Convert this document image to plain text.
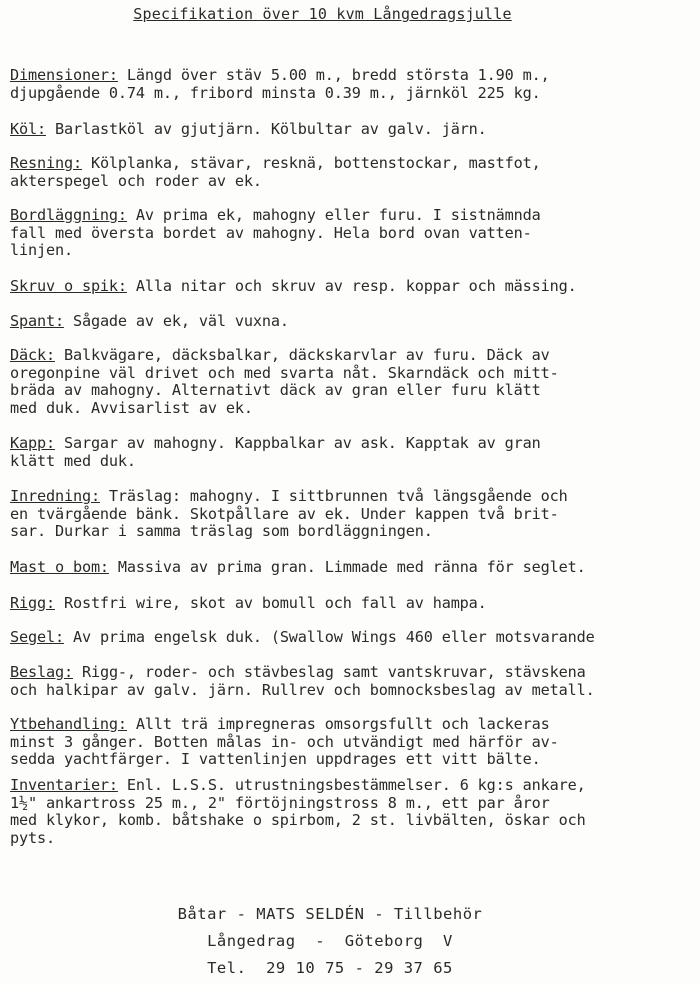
Specifikation över 10 kvm Långedragsjulle
Dimensioner: Längd över stäv 5.00 m., bredd största 1.90 m.,
djupgående 0.74 m., fribord minsta 0.39 m., järnköl 225 kg.
Köl: Barlastköl av gjutjärn. Kölbultar av galv. järn.
Resning: Kölplanka, stävar, resknä, bottenstockar, mastfot,
akterspegel och roder av ek.
Bordläggning: Av prima ek, mahogny eller furu. I sistnämnda
fall med översta bordet av mahogny. Hela bord ovan vatten-
linjen.
Skruv o spik: Alla nitar och skruv av resp. koppar och mässing.
Spant: Sågade av ek, väl vuxna.
Däck: Balkvägare, däcksbalkar, däckskarvlar av furu. Däck av
oregonpine väl drivet och med svarta nåt. Skarndäck och mitt-
bräda av mahogny. Alternativt däck av gran eller furu klätt
med duk. Avvisarlist av ek.
Kapp: Sargar av mahogny. Kappbalkar av ask. Kapptak av gran
klätt med duk.
Inredning: Träslag: mahogny. I sittbrunnen två längsgående och
en tvärgående bänk. Skotpållare av ek. Under kappen två brit-
sar. Durkar i samma träslag som bordläggningen.
Mast o bom: Massiva av prima gran. Limmade med ränna för seglet.
Rigg: Rostfri wire, skot av bomull och fall av hampa.
Segel: Av prima engelsk duk. (Swallow Wings 460 eller motsvarande
Beslag: Rigg-, roder- och stävbeslag samt vantskruvar, stävskena
och halkipar av galv. järn. Rullrev och bomnocksbeslag av metall.
Ytbehandling: Allt trä impregneras omsorgsfullt och lackeras
minst 3 gånger. Botten målas in- och utvändigt med härför av-
sedda yachtfärger. I vattenlinjen uppdrages ett vitt bälte.
Inventarier: Enl. L.S.S. utrustningsbestämmelser. 6 kg:s ankare,
1½" ankartross 25 m., 2" förtöjningstross 8 m., ett par åror
med klykor, komb. båtshake o spirbom, 2 st. livbälten, öskar och
pyts.
Båtar - MATS SELDÉN - Tillbehör
Långedrag  -  Göteborg  V
Tel.  29 10 75 - 29 37 65
